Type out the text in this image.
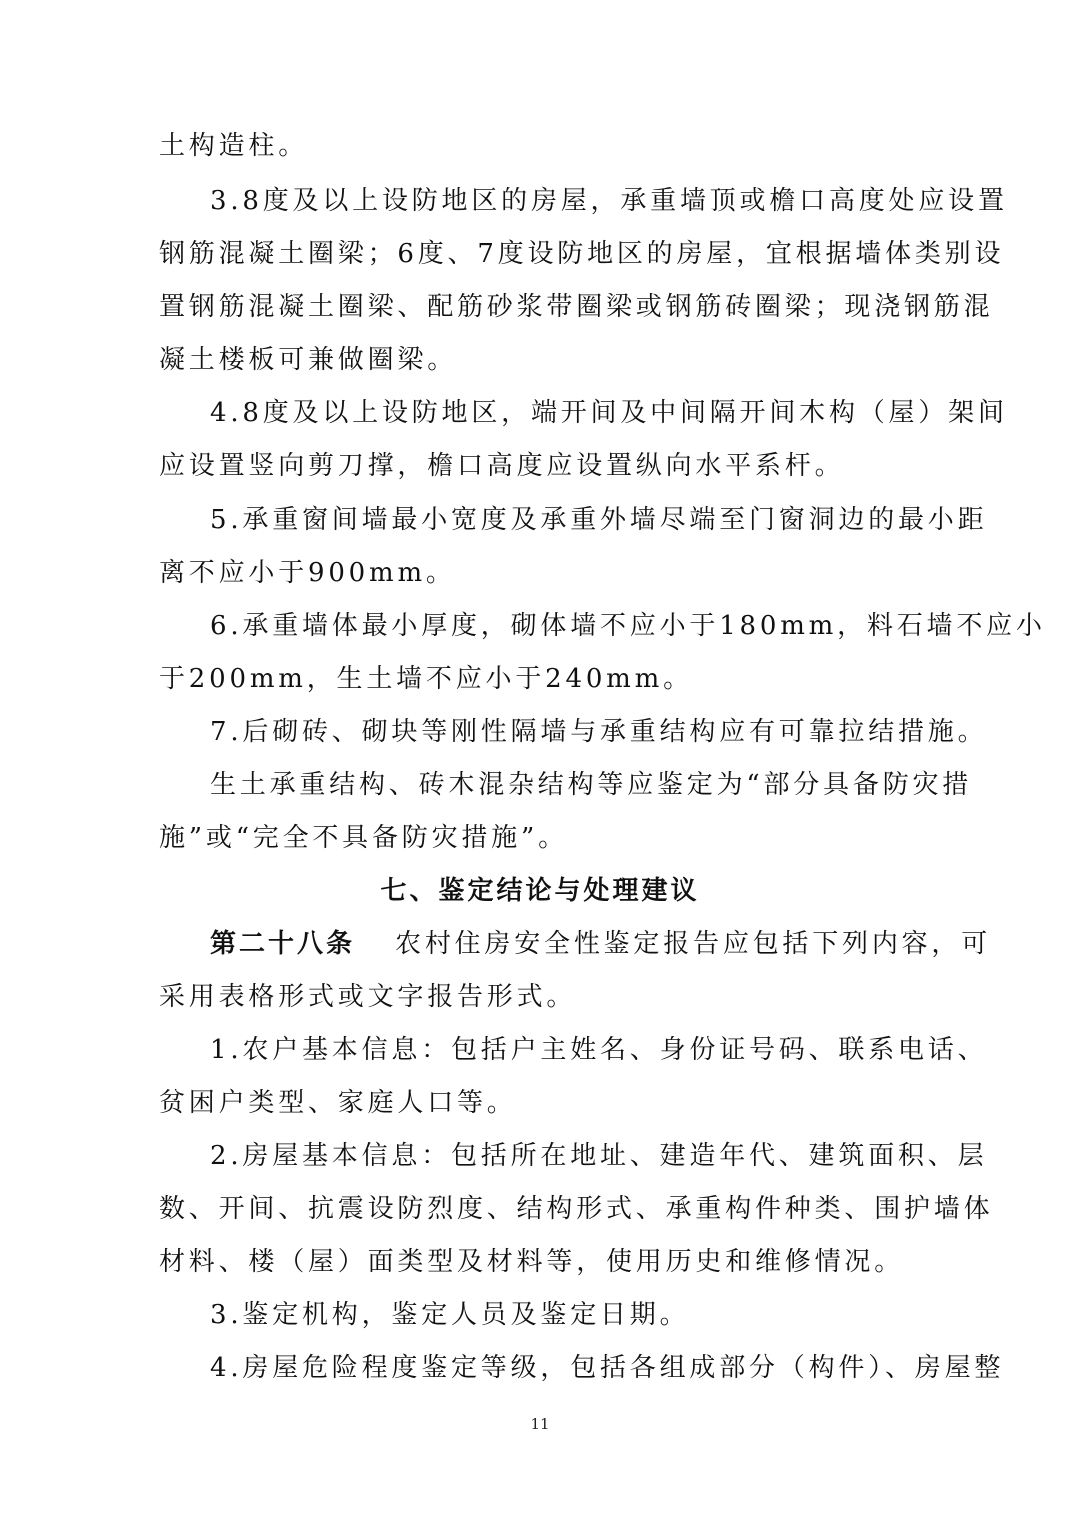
土构造柱。
3.8度及以上设防地区的房屋，承重墙顶或檐口高度处应设置
钢筋混凝土圈梁；6度、7度设防地区的房屋，宜根据墙体类别设
置钢筋混凝土圈梁、配筋砂浆带圈梁或钢筋砖圈梁；现浇钢筋混
凝土楼板可兼做圈梁。
4.8度及以上设防地区，端开间及中间隔开间木构（屋）架间
应设置竖向剪刀撑，檐口高度应设置纵向水平系杆。
5.承重窗间墙最小宽度及承重外墙尽端至门窗洞边的最小距
离不应小于900mm。
6.承重墙体最小厚度，砌体墙不应小于180mm，料石墙不应小
于200mm，生土墙不应小于240mm。
7.后砌砖、砌块等刚性隔墙与承重结构应有可靠拉结措施。
生土承重结构、砖木混杂结构等应鉴定为“部分具备防灾措
施”或“完全不具备防灾措施”。
七、鉴定结论与处理建议
第二十八条 农村住房安全性鉴定报告应包括下列内容，可
采用表格形式或文字报告形式。
1.农户基本信息：包括户主姓名、身份证号码、联系电话、
贫困户类型、家庭人口等。
2.房屋基本信息：包括所在地址、建造年代、建筑面积、层
数、开间、抗震设防烈度、结构形式、承重构件种类、围护墙体
材料、楼（屋）面类型及材料等，使用历史和维修情况。
3.鉴定机构，鉴定人员及鉴定日期。
4.房屋危险程度鉴定等级，包括各组成部分（构件）、房屋整
11
